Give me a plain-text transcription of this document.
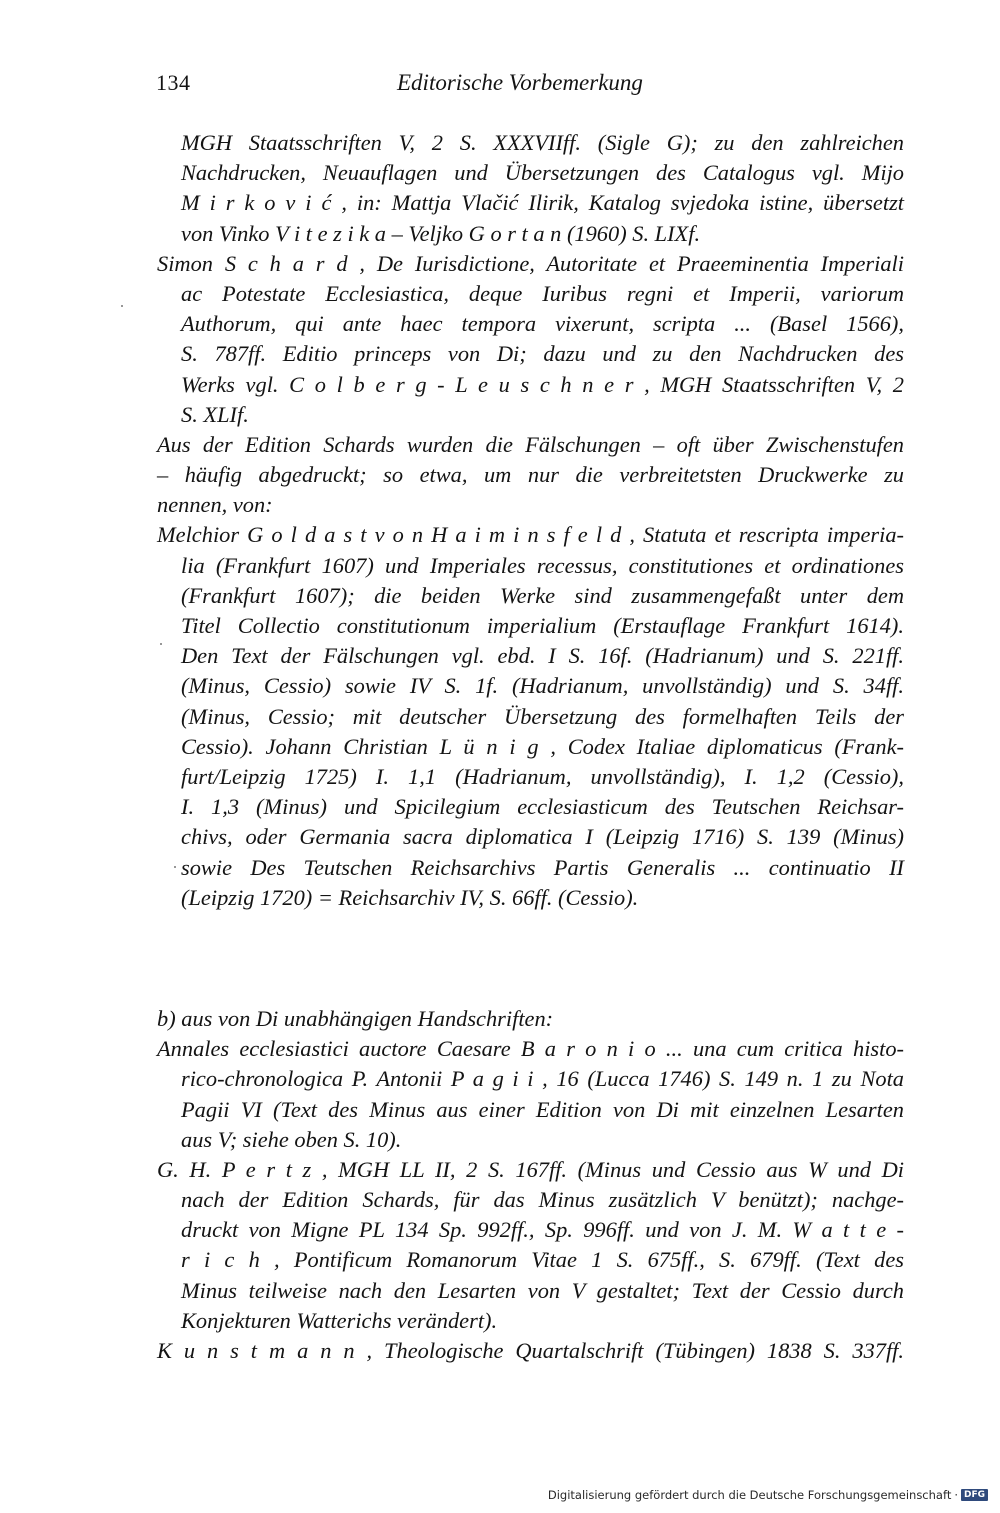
134	Editorische Vorbemerkung
MGH Staatsschriften V, 2 S. XXXVIIff. (Sigle G); zu den zahlreichen
Nachdrucken, Neuauflagen und Übersetzungen des Catalogus vgl. Mijo
M i r k o v i ć , in: Mattja Vlačić Ilirik, Katalog svjedoka istine, übersetzt
von Vinko V i t e z i k a – Veljko G o r t a n (1960) S. LIXf.
Simon S c h a r d , De Iurisdictione, Autoritate et Praeeminentia Imperiali
ac Potestate Ecclesiastica, deque Iuribus regni et Imperii, variorum
Authorum, qui ante haec tempora vixerunt, scripta ... (Basel 1566),
S. 787ff. Editio princeps von Di; dazu und zu den Nachdrucken des
Werks vgl. C o l b e r g - L e u s c h n e r , MGH Staatsschriften V, 2
S. XLIf.
Aus der Edition Schards wurden die Fälschungen – oft über Zwischenstufen
– häufig abgedruckt; so etwa, um nur die verbreitetsten Druckwerke zu
nennen, von:
Melchior G o l d a s t v o n H a i m i n s f e l d , Statuta et rescripta imperia-
lia (Frankfurt 1607) und Imperiales recessus, constitutiones et ordinationes
(Frankfurt 1607); die beiden Werke sind zusammengefaßt unter dem
Titel Collectio constitutionum imperialium (Erstauflage Frankfurt 1614).
Den Text der Fälschungen vgl. ebd. I S. 16f. (Hadrianum) und S. 221ff.
(Minus, Cessio) sowie IV S. 1f. (Hadrianum, unvollständig) und S. 34ff.
(Minus, Cessio; mit deutscher Übersetzung des formelhaften Teils der
Cessio). Johann Christian L ü n i g , Codex Italiae diplomaticus (Frank-
furt/Leipzig 1725) I. 1,1 (Hadrianum, unvollständig), I. 1,2 (Cessio),
I. 1,3 (Minus) und Spicilegium ecclesiasticum des Teutschen Reichsar-
chivs, oder Germania sacra diplomatica I (Leipzig 1716) S. 139 (Minus)
sowie Des Teutschen Reichsarchivs Partis Generalis ... continuatio II
(Leipzig 1720) = Reichsarchiv IV, S. 66ff. (Cessio).
b) aus von Di unabhängigen Handschriften:
Annales ecclesiastici auctore Caesare B a r o n i o ... una cum critica histo-
rico-chronologica P. Antonii P a g i i , 16 (Lucca 1746) S. 149 n. 1 zu Nota
Pagii VI (Text des Minus aus einer Edition von Di mit einzelnen Lesarten
aus V; siehe oben S. 10).
G. H. P e r t z , MGH LL II, 2 S. 167ff. (Minus und Cessio aus W und Di
nach der Edition Schards, für das Minus zusätzlich V benützt); nachge-
druckt von Migne PL 134 Sp. 992ff., Sp. 996ff. und von J. M. W a t t e -
r i c h , Pontificum Romanorum Vitae 1 S. 675ff., S. 679ff. (Text des
Minus teilweise nach den Lesarten von V gestaltet; Text der Cessio durch
Konjekturen Watterichs verändert).
K u n s t m a n n , Theologische Quartalschrift (Tübingen) 1838 S. 337ff.
Digitalisierung gefördert durch die Deutsche Forschungsgemeinschaft · DFG
